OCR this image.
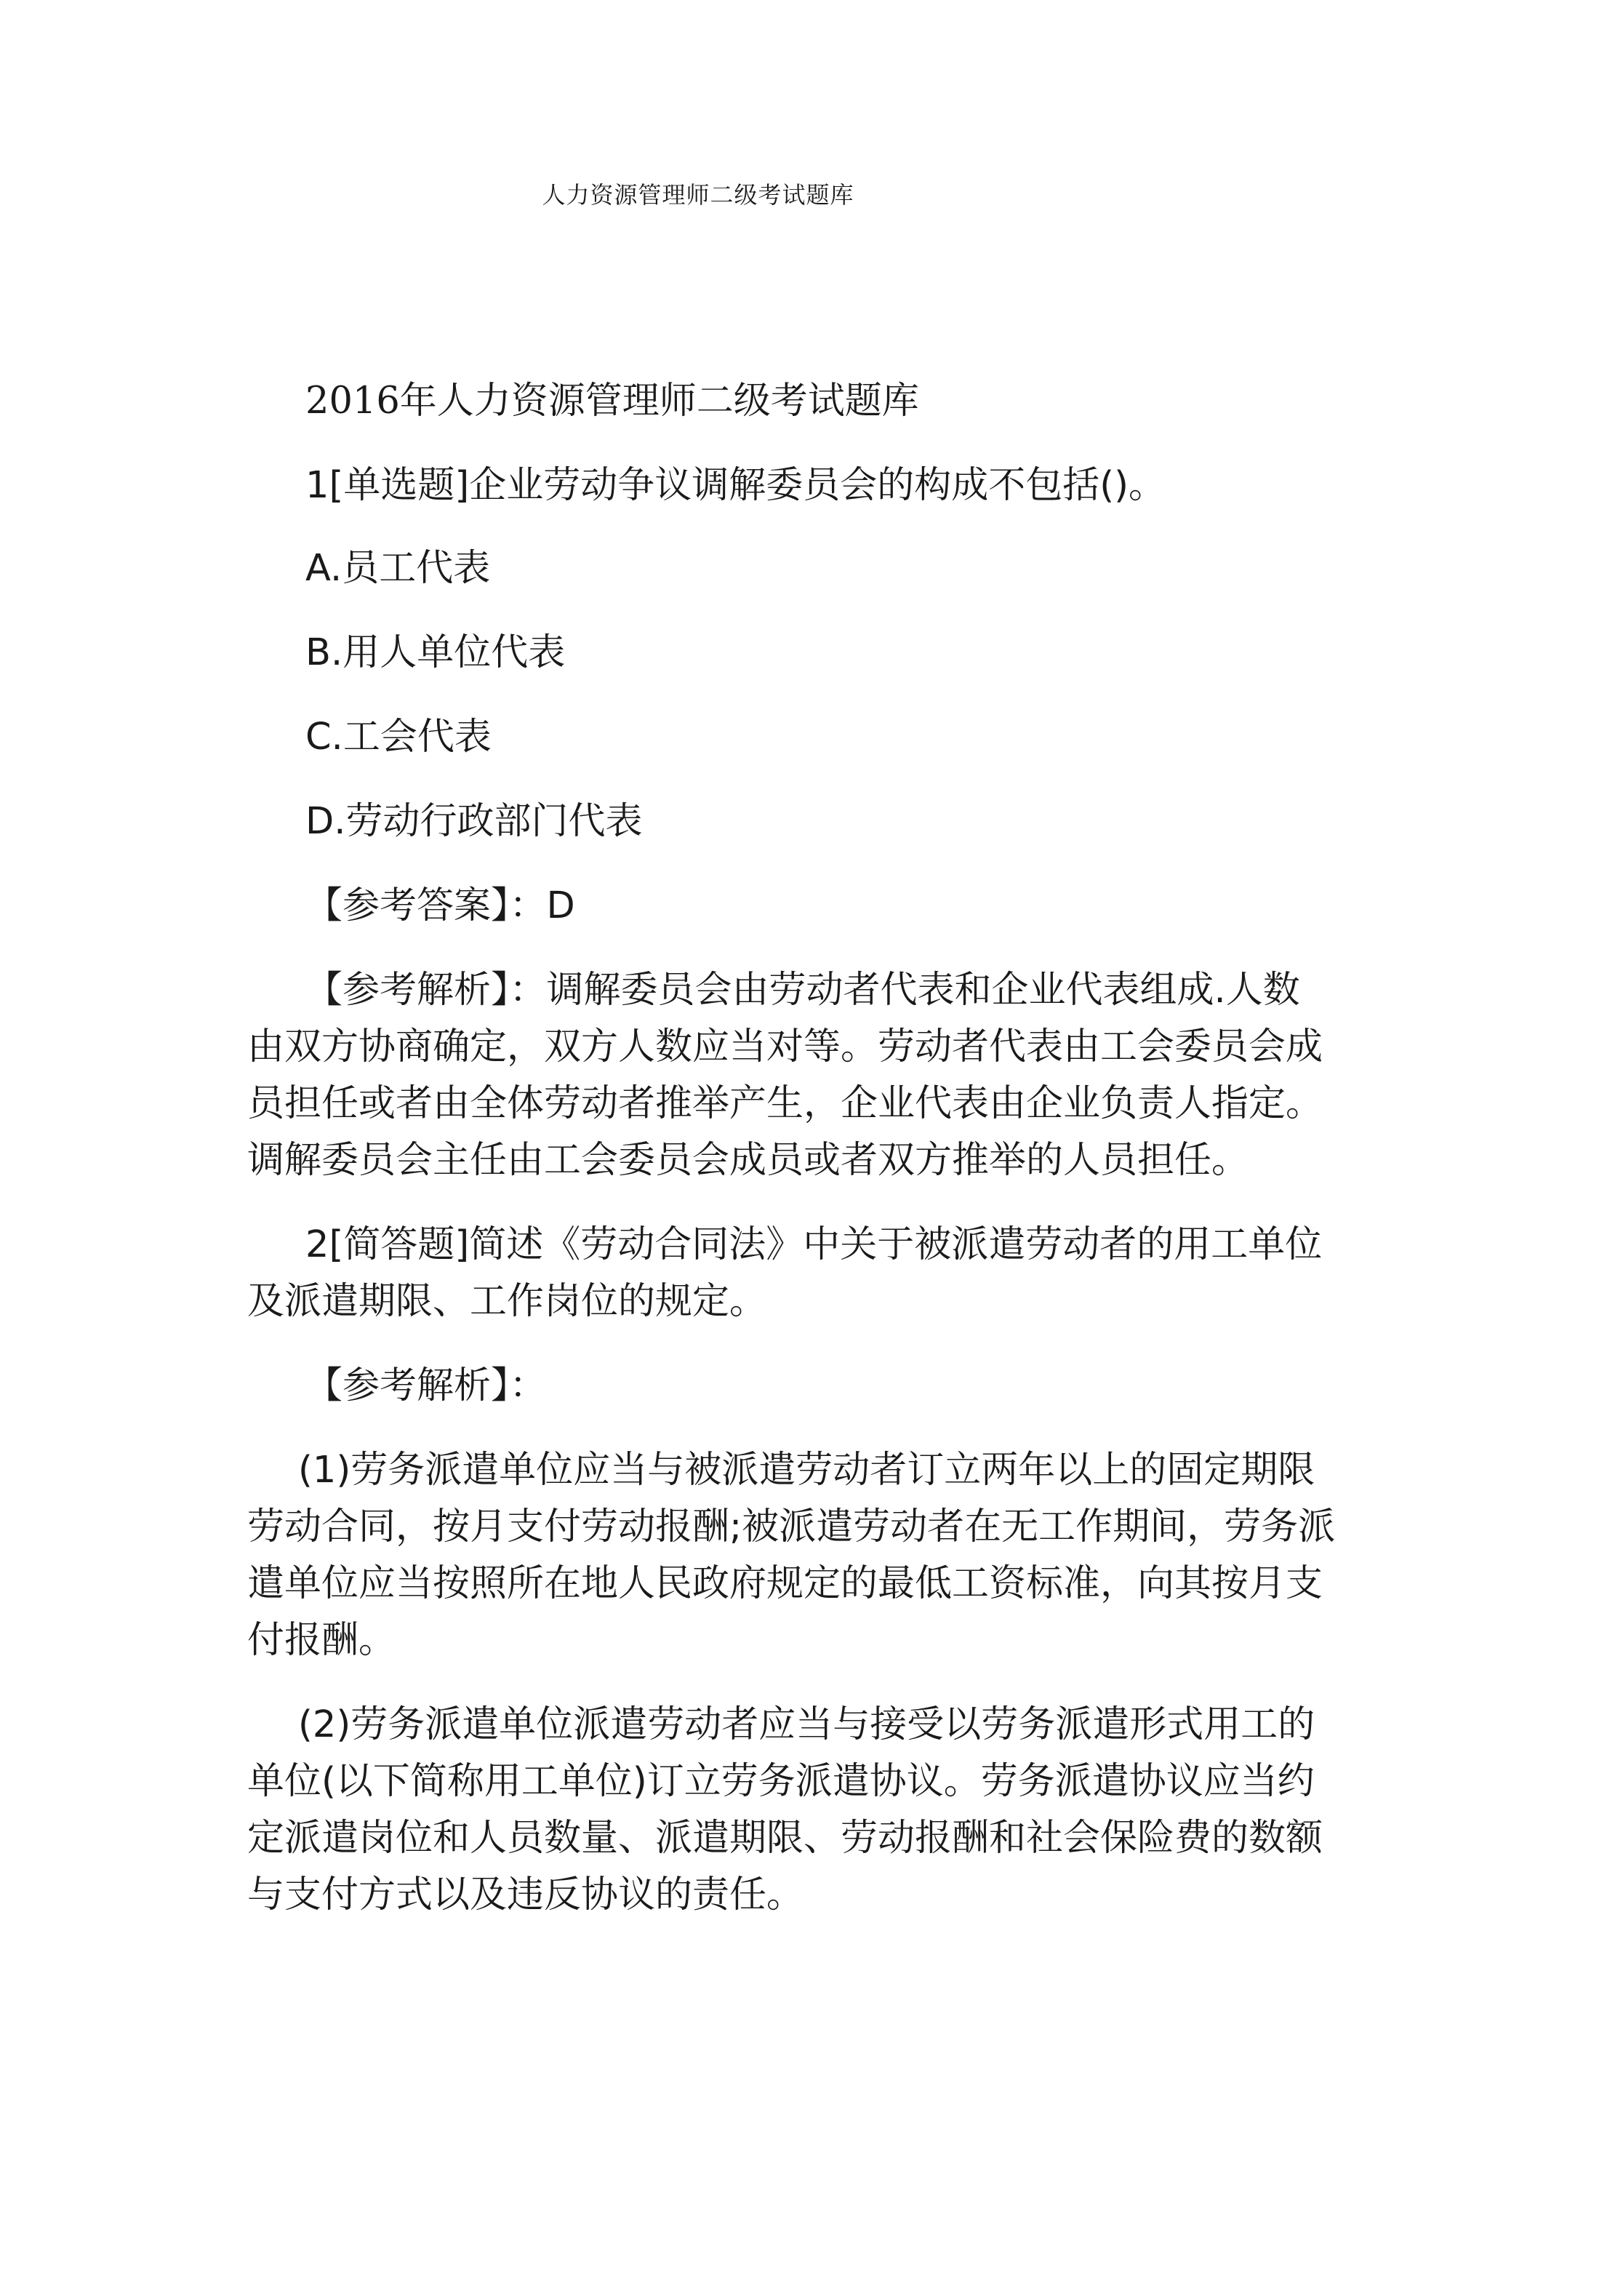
人力资源管理师二级考试题库

2016年人力资源管理师二级考试题库

1[单选题]企业劳动争议调解委员会的构成不包括()。

A.员工代表

B.用人单位代表

C.工会代表

D.劳动行政部门代表

【参考答案】：D

【参考解析】：调解委员会由劳动者代表和企业代表组成.人数

由双方协商确定，双方人数应当对等。劳动者代表由工会委员会成

员担任或者由全体劳动者推举产生，企业代表由企业负责人指定。

调解委员会主任由工会委员会成员或者双方推举的人员担任。

2[简答题]简述《劳动合同法》中关于被派遣劳动者的用工单位

及派遣期限、工作岗位的规定。

【参考解析】：

(1)劳务派遣单位应当与被派遣劳动者订立两年以上的固定期限

劳动合同，按月支付劳动报酬;被派遣劳动者在无工作期间，劳务派

遣单位应当按照所在地人民政府规定的最低工资标准，向其按月支

付报酬。

(2)劳务派遣单位派遣劳动者应当与接受以劳务派遣形式用工的

单位(以下简称用工单位)订立劳务派遣协议。劳务派遣协议应当约

定派遣岗位和人员数量、派遣期限、劳动报酬和社会保险费的数额

与支付方式以及违反协议的责任。
